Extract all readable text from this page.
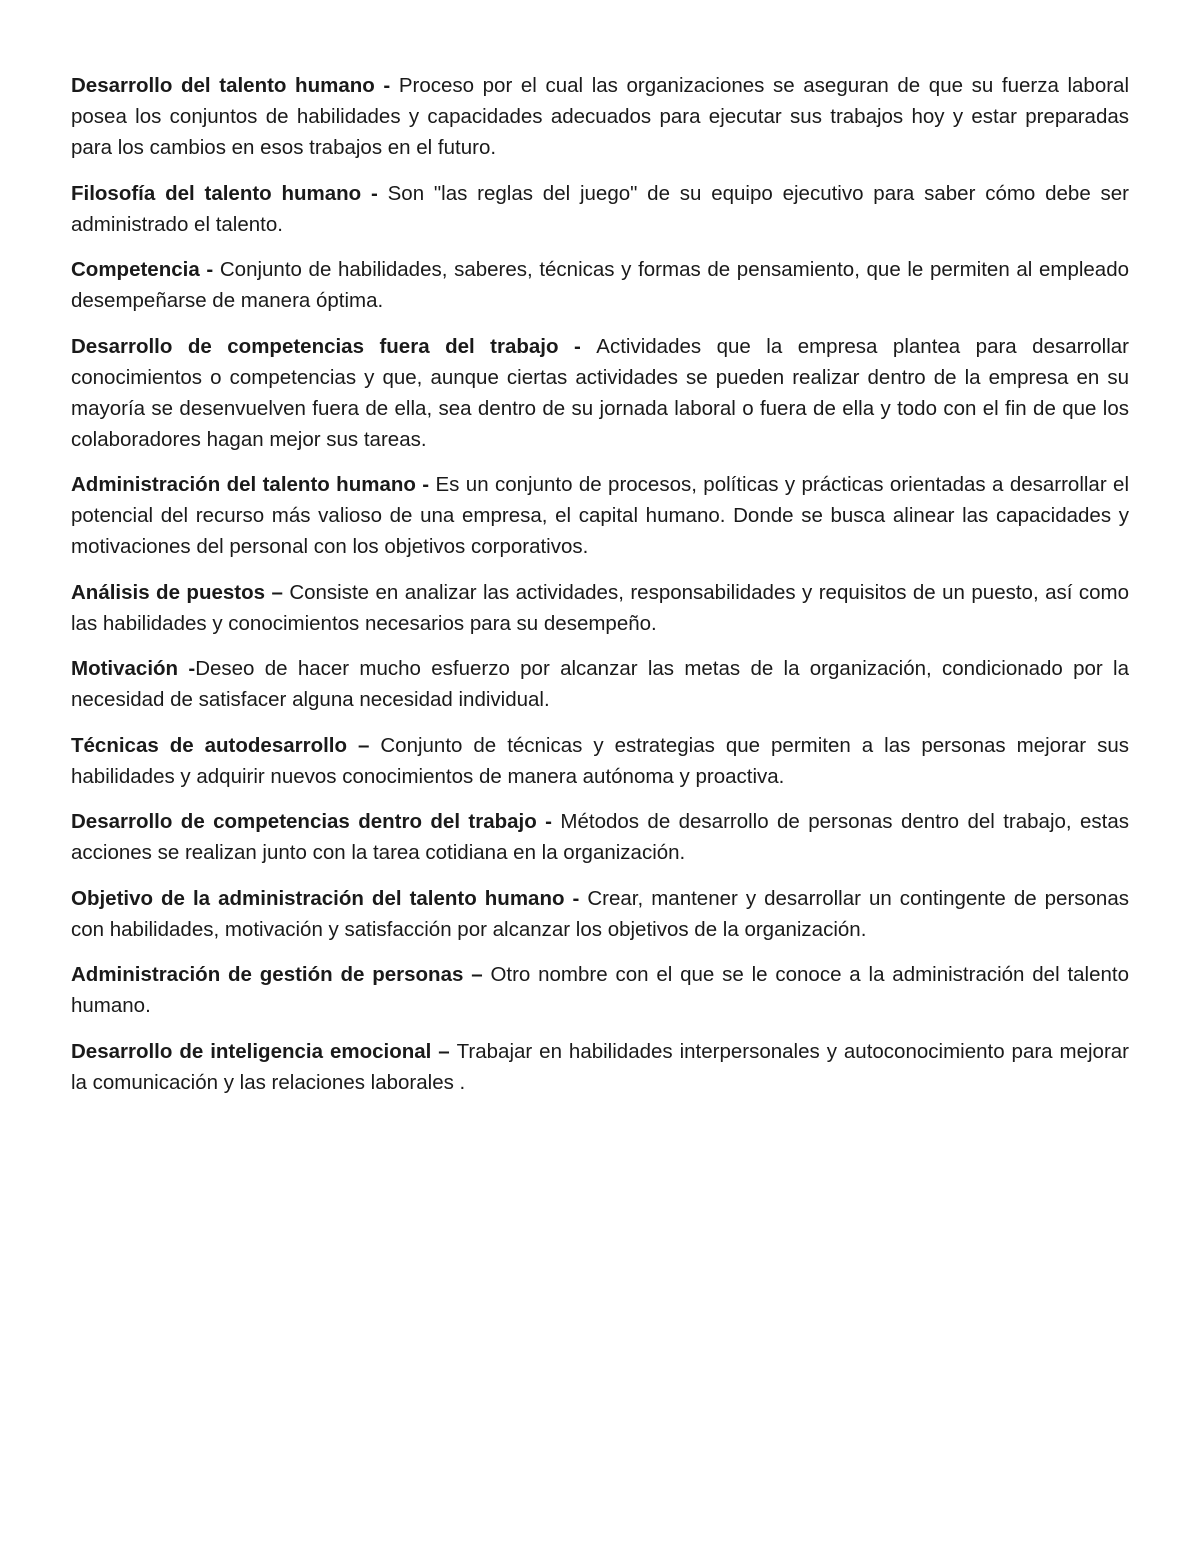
Desarrollo del talento humano - Proceso por el cual las organizaciones se aseguran de que su fuerza laboral posea los conjuntos de habilidades y capacidades adecuados para ejecutar sus trabajos hoy y estar preparadas para los cambios en esos trabajos en el futuro.

Filosofía del talento humano - Son "las reglas del juego" de su equipo ejecutivo para saber cómo debe ser administrado el talento.

Competencia - Conjunto de habilidades, saberes, técnicas y formas de pensamiento, que le permiten al empleado desempeñarse de manera óptima.

Desarrollo de competencias fuera del trabajo - Actividades que la empresa plantea para desarrollar conocimientos o competencias y que, aunque ciertas actividades se pueden realizar dentro de la empresa en su mayoría se desenvuelven fuera de ella, sea dentro de su jornada laboral o fuera de ella y todo con el fin de que los colaboradores hagan mejor sus tareas.

Administración del talento humano - Es un conjunto de procesos, políticas y prácticas orientadas a desarrollar el potencial del recurso más valioso de una empresa, el capital humano. Donde se busca alinear las capacidades y motivaciones del personal con los objetivos corporativos.

Análisis de puestos – Consiste en analizar las actividades, responsabilidades y requisitos de un puesto, así como las habilidades y conocimientos necesarios para su desempeño.

Motivación -Deseo de hacer mucho esfuerzo por alcanzar las metas de la organización, condicionado por la necesidad de satisfacer alguna necesidad individual.

Técnicas de autodesarrollo – Conjunto de técnicas y estrategias que permiten a las personas mejorar sus habilidades y adquirir nuevos conocimientos de manera autónoma y proactiva.

Desarrollo de competencias dentro del trabajo - Métodos de desarrollo de personas dentro del trabajo, estas acciones se realizan junto con la tarea cotidiana en la organización.

Objetivo de la administración del talento humano - Crear, mantener y desarrollar un contingente de personas con habilidades, motivación y satisfacción por alcanzar los objetivos de la organización.

Administración de gestión de personas – Otro nombre con el que se le conoce a la administración del talento humano.

Desarrollo de inteligencia emocional – Trabajar en habilidades interpersonales y autoconocimiento para mejorar la comunicación y las relaciones laborales .
